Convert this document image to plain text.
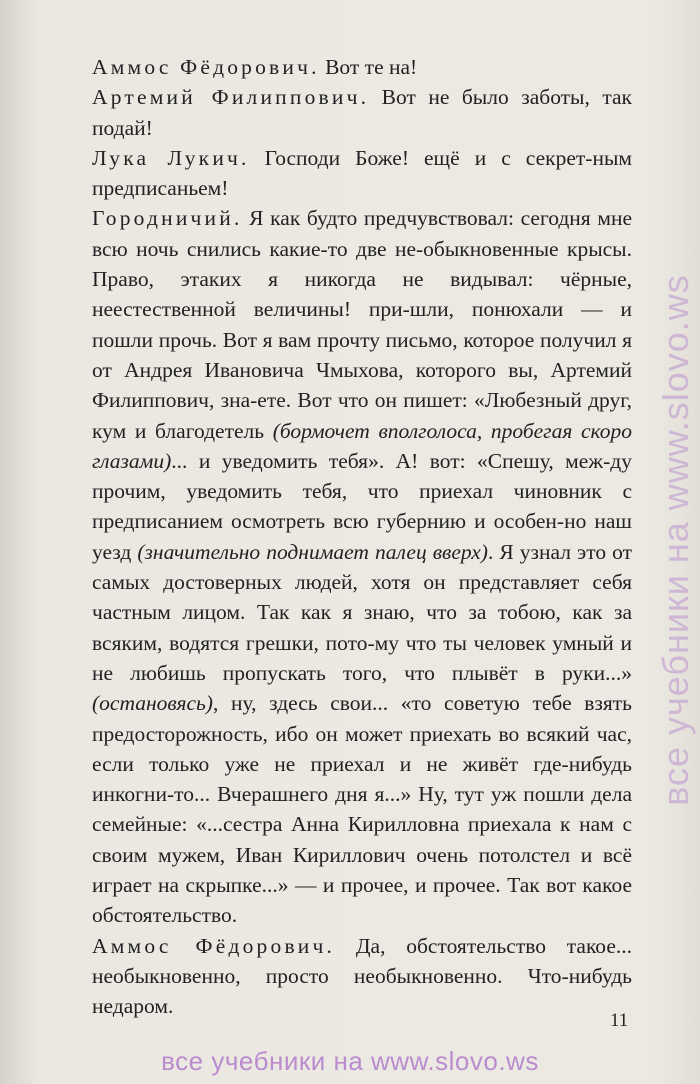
Аммос Фёдорович. Вот те на!

Артемий Филиппович. Вот не было заботы, так подай!

Лука Лукич. Господи Боже! ещё и с секрет-ным предписаньем!

Городничий. Я как будто предчувствовал: сегодня мне всю ночь снились какие-то две не-обыкновенные крысы. Право, этаких я никогда не видывал: чёрные, неестественной величины! при-шли, понюхали — и пошли прочь. Вот я вам прочту письмо, которое получил я от Андрея Ивановича Чмыхова, которого вы, Артемий Филиппович, зна-ете. Вот что он пишет: «Любезный друг, кум и благодетель (бормочет вполголоса, пробегая скоро глазами)... и уведомить тебя». А! вот: «Спешу, меж-ду прочим, уведомить тебя, что приехал чиновник с предписанием осмотреть всю губернию и особен-но наш уезд (значительно поднимает палец вверх). Я узнал это от самых достоверных людей, хотя он представляет себя частным лицом. Так как я знаю, что за тобою, как за всяким, водятся грешки, пото-му что ты человек умный и не любишь пропускать того, что плывёт в руки...» (остановясь), ну, здесь свои... «то советую тебе взять предосторожность, ибо он может приехать во всякий час, если только уже не приехал и не живёт где-нибудь инкогни-то... Вчерашнего дня я...» Ну, тут уж пошли дела семейные: «...сестра Анна Кирилловна приехала к нам с своим мужем, Иван Кириллович очень потолстел и всё играет на скрыпке...» — и прочее, и прочее. Так вот какое обстоятельство.

Аммос Фёдорович. Да, обстоятельство такое... необыкновенно, просто необыкновенно. Что-нибудь недаром.

11
все учебники на www.slovo.ws
все учебники на www.slovo.ws
